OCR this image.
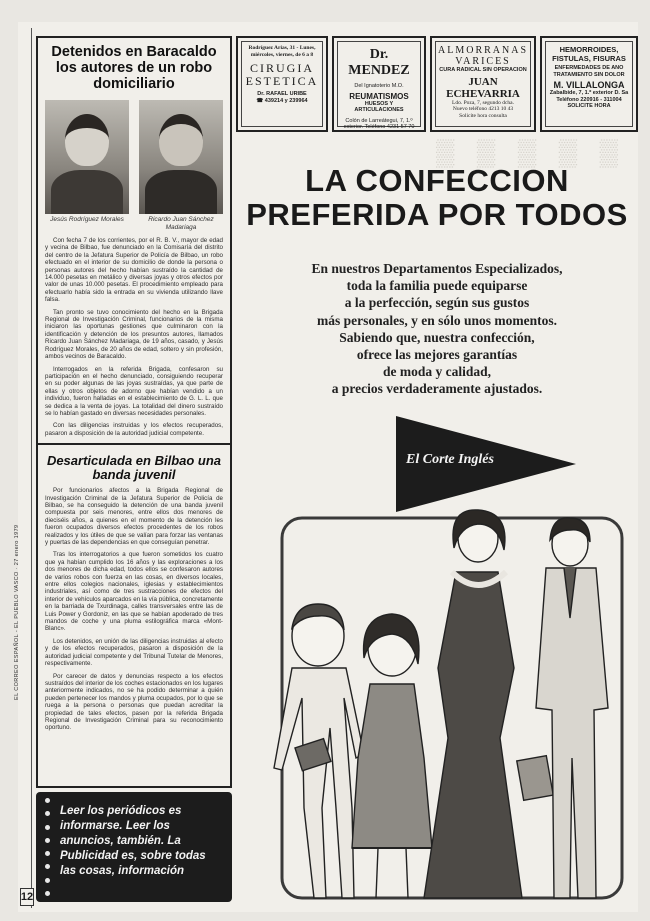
EL CORREO ESPAÑOL - EL PUEBLO VASCO · 27 enero 1979
12
Detenidos en Baracaldo los autores de un robo domiciliario
Jesús Rodríguez Morales	Ricardo Juan Sánchez Madariaga

Con fecha 7 de los corrientes, por el R. B. V., mayor de edad y vecina de Bilbao, fue denunciado en la Comisaría del distrito del centro de la Jefatura Superior de Policía de Bilbao, un robo efectuado en el interior de su domicilio de donde la persona o personas autores del hecho habían sustraído la cantidad de 14.000 pesetas en metálico y diversas joyas y otros efectos por valor de unas 10.000 pesetas. El procedimiento empleado para efectuarlo había sido la entrada en su vivienda utilizando llave falsa.

Tan pronto se tuvo conocimiento del hecho en la Brigada Regional de Investigación Criminal, funcionarios de la misma iniciaron las oportunas gestiones que culminaron con la identificación y detención de los presuntos autores, llamados Ricardo Juan Sánchez Madariaga, de 19 años, casado, y Jesús Rodríguez Morales, de 20 años de edad, soltero y sin profesión, ambos vecinos de Baracaldo.

Interrogados en la referida Brigada, confesaron su participación en el hecho denunciado, consiguiendo recuperar en su poder algunas de las joyas sustraídas, ya que parte de ellas y otros objetos de adorno que habían vendido a un individuo, fueron halladas en el establecimiento de G. L. L. que se dedica a la venta de joyas. La totalidad del dinero sustraído se lo habían gastado en diversas necesidades personales.

Con las diligencias instruidas y los efectos recuperados, pasaron a disposición de la autoridad judicial competente.

Desarticulada en Bilbao una banda juvenil

Por funcionarios afectos a la Brigada Regional de Investigación Criminal de la Jefatura Superior de Policía de Bilbao, se ha conseguido la detención de una banda juvenil compuesta por seis menores, entre ellos dos menores de dieciséis años, a quienes en el momento de la detención les fueron ocupados diversos efectos procedentes de los robos realizados y los útiles de que se valían para forzar las ventanas y puertas de las dependencias en que conseguían penetrar.

Tras los interrogatorios a que fueron sometidos los cuatro que ya habían cumplido los 16 años y las exploraciones a los dos menores de dicha edad, todos ellos se confesaron autores de varios robos con fuerza en las cosas, en diversos locales, entre ellos colegios nacionales, iglesias y establecimientos industriales, así como de tres sustracciones de efectos del interior de vehículos aparcados en la vía pública, concretamente en la barriada de Txurdinaga, calles transversales entre las de Luis Power y Gordoniz, en las que se habían apoderado de tres mandos de coche y una pluma estilográfica marca «Mont-Blanc».

Los detenidos, en unión de las diligencias instruidas al efecto y de los efectos recuperados, pasaron a disposición de la autoridad judicial competente y del Tribunal Tutelar de Menores, respectivamente.

Por carecer de datos y denuncias respecto a los efectos sustraídos del interior de los coches estacionados en los lugares anteriormente indicados, no se ha podido determinar a quién pueden pertenecer los mandos y pluma ocupados, por lo que se ruega a la persona o personas que puedan acreditar la propiedad de tales efectos, pasen por la referida Brigada Regional de Investigación Criminal para su reconocimiento oportuno.

Leer los periódicos es informarse. Leer los anuncios, también. La Publicidad es, sobre todas las cosas, información
Rodríguez Arias, 31 - Lunes, miércoles, viernes, de 6 a 8
CIRUGIA
ESTETICA
Dr. RAFAEL URIBE
☎ 439214 y 239964
Dr. MENDEZ
Del Ignatoterio M.O.
REUMATISMOS
HUESOS Y ARTICULACIONES
Colón de Larreátegui, 7, 1.º exterior. Teléfono 4231 57 70
ALMORRANAS
VARICES
CURA RADICAL SIN OPERACION
JUAN ECHEVARRIA
Ldo. Poza, 7, segundo dcha.
Nuevo teléfono 4213 10 43
Solicite hora consulta
HEMORROIDES, FISTULAS, FISURAS
ENFERMEDADES DE ANO TRATAMIENTO SIN DOLOR
M. VILLALONGA
Zabalbide, 7, 1.º exterior D. Sa
Teléfono 220916 - 311004
SOLICITE HORA
▒ ▒ ▒ ▒ ▒
LA CONFECCION PREFERIDA POR TODOS
En nuestros Departamentos Especializados,
toda la familia puede equiparse
a la perfección, según sus gustos
más personales, y en sólo unos momentos.
Sabiendo que, nuestra confección,
ofrece las mejores garantías
de moda y calidad,
a precios verdaderamente ajustados.
El Corte Inglés
